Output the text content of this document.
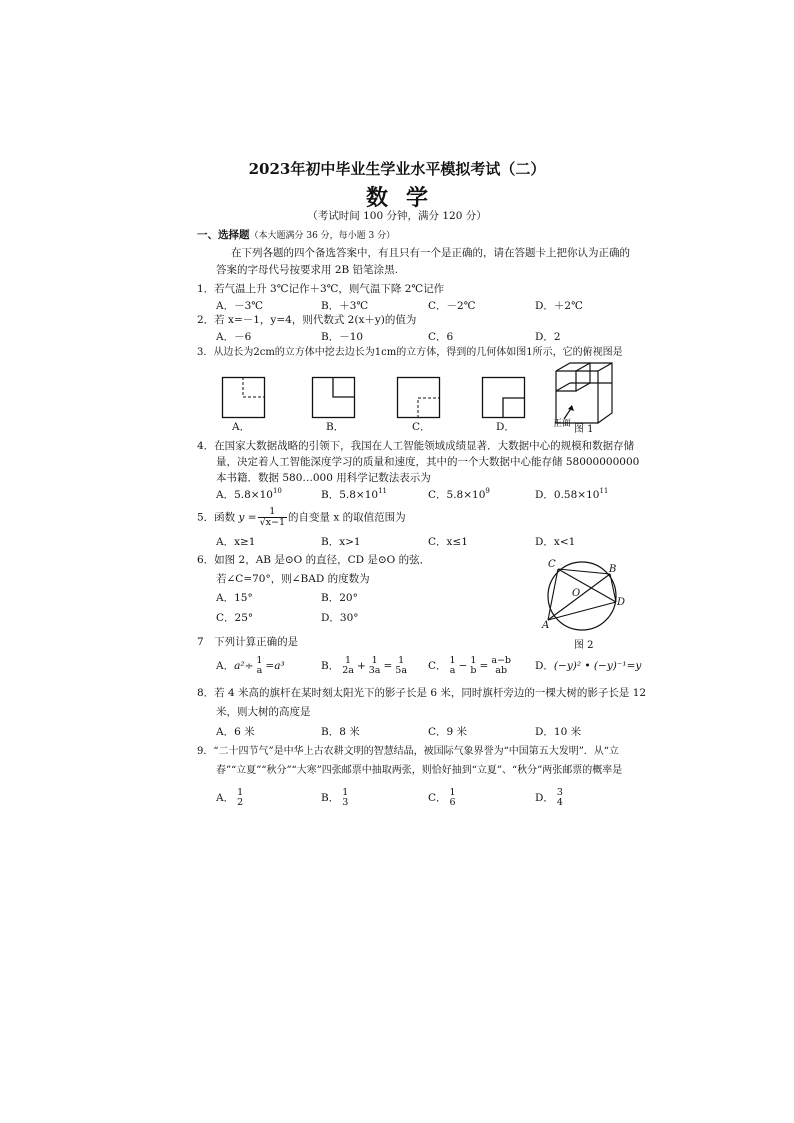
2023年初中毕业生学业水平模拟考试（二）
数学
（考试时间 100 分钟，满分 120 分）
一、选择题（本大题满分 36 分，每小题 3 分）
在下列各题的四个备选答案中，有且只有一个是正确的，请在答题卡上把你认为正确的
答案的字母代号按要求用 2B 铅笔涂黑.
1．若气温上升 3℃记作＋3℃，则气温下降 2℃记作
A．－3℃	B．＋3℃	C．－2℃	D．＋2℃
2．若 x=－1，y=4，则代数式 2(x＋y)的值为
A．－6	B．－10	C．6	D．2
3．从边长为2cm的立方体中挖去边长为1cm的立方体，得到的几何体如图1所示，它的俯视图是
A．	B．	C．	D．	正面 图 1
4．在国家大数据战略的引领下，我国在人工智能领域成绩显著．大数据中心的规模和数据存储
量，决定着人工智能深度学习的质量和速度，其中的一个大数据中心能存储 58000000000
本书籍．数据 580…000 用科学记数法表示为
A．$5.8\times 10^{10}$	B．$5.8\times 10^{11}$	C．$5.8\times 10^9$	D．$0.58\times 10^{11}$
5．函数 $y = \frac{1}{√x-1}$ 的自变量 x 的取值范围为
A．x≥1	B．x>1	C．x≤1	D．x<1
6．如图 2，AB 是⊙O 的直径，CD 是⊙O 的弦．
若∠C=70°，则∠BAD 的度数为
A．15°	B．20°
C．25°	D．30°
C	B
O
D
A
图 2
7　下列计算正确的是
A．a²÷ 1
a =a³	B． 1
2a + 1
3a = 1
5a C． 1
a − 1
b = a−b
ab	D．(−y)² • (−y)⁻¹=y
8．若 4 米高的旗杆在某时刻太阳光下的影子长是 6 米，同时旗杆旁边的一棵大树的影子长是 12
米，则大树的高度是
A．6 米	B．8 米	C．9 米	D．10 米
9．“二十四节气”是中华上古农耕文明的智慧结晶，被国际气象界誉为“中国第五大发明”．从“立
春”“立夏”“秋分”“大寒”四张邮票中抽取两张，则恰好抽到“立夏”、“秋分”两张邮票的概率是
A． 1
2	B． 1
3	C． 1
6	D． 3
4
